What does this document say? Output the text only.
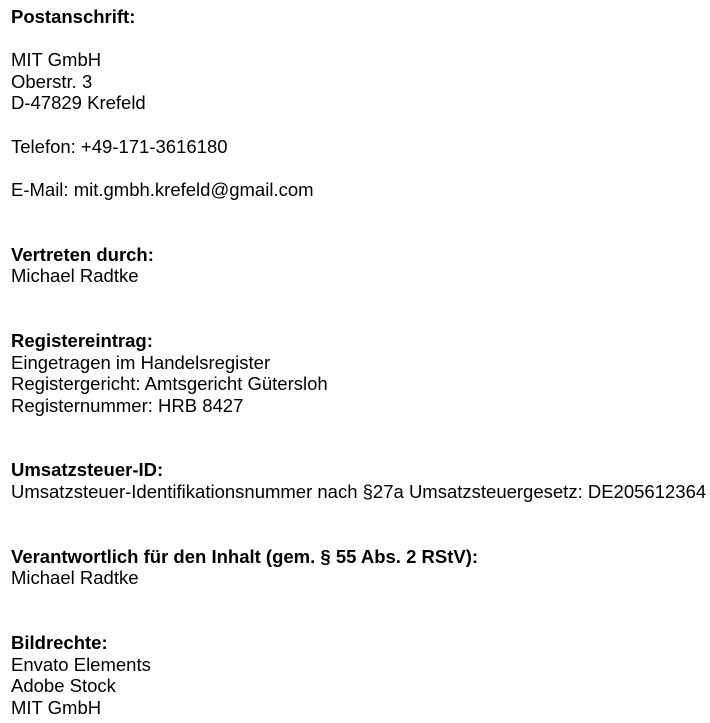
Postanschrift:
MIT GmbH
Oberstr. 3
D-47829 Krefeld
Telefon: +49-171-3616180
E-Mail: mit.gmbh.krefeld@gmail.com
Vertreten durch:
Michael Radtke
Registereintrag:
Eingetragen im Handelsregister
Registergericht: Amtsgericht Gütersloh
Registernummer: HRB 8427
Umsatzsteuer-ID:
Umsatzsteuer-Identifikationsnummer nach §27a Umsatzsteuergesetz: DE205612364
Verantwortlich für den Inhalt (gem. § 55 Abs. 2 RStV):
Michael Radtke
Bildrechte:
Envato Elements
Adobe Stock
MIT GmbH
